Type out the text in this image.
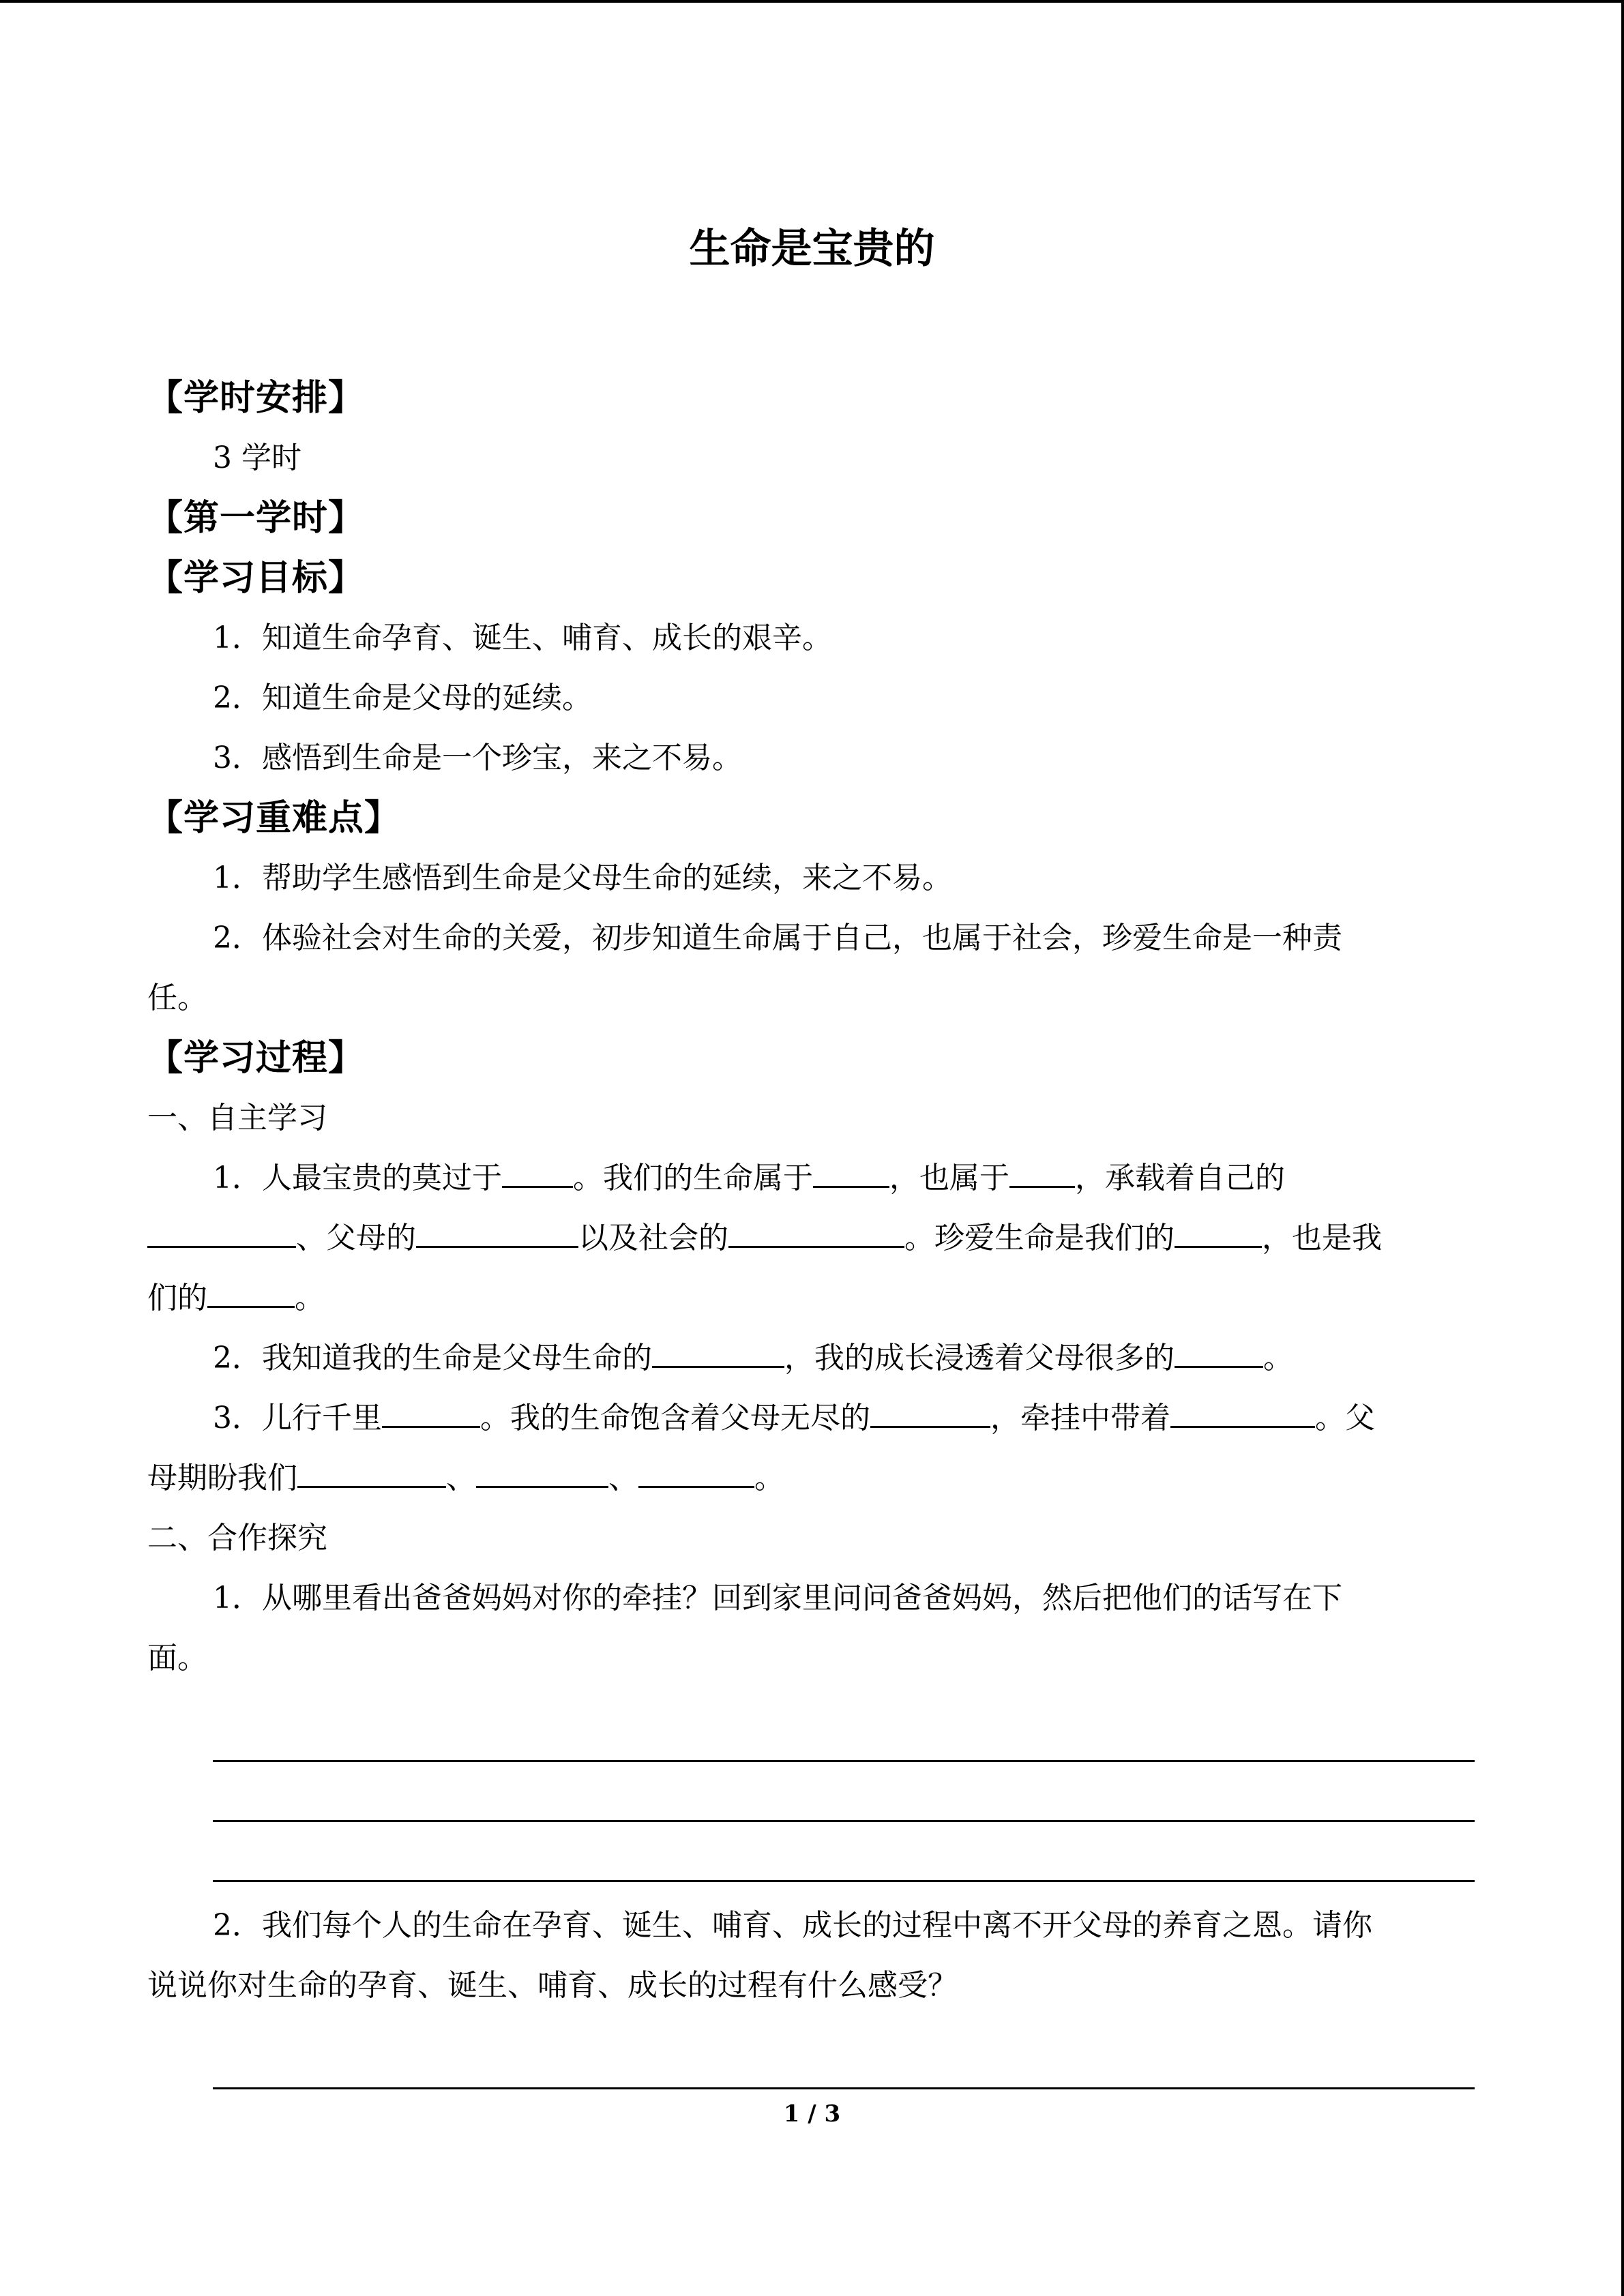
生命是宝贵的
【学时安排】
3 学时
【第一学时】
【学习目标】
1．知道生命孕育、诞生、哺育、成长的艰辛。
2．知道生命是父母的延续。
3．感悟到生命是一个珍宝，来之不易。
【学习重难点】
1．帮助学生感悟到生命是父母生命的延续，来之不易。
2．体验社会对生命的关爱，初步知道生命属于自己，也属于社会，珍爱生命是一种责
任。
【学习过程】
一、自主学习
1．人最宝贵的莫过于 。我们的生命属于	，也属于 ，承载着自己的
、父母的	以及社会的	。珍爱生命是我们的	，也是我
们的	。
2．我知道我的生命是父母生命的	，我的成长浸透着父母很多的	。
3．儿行千里	。我的生命饱含着父母无尽的	，牵挂中带着	。父
母期盼我们	、	、	。
二、合作探究
1．从哪里看出爸爸妈妈对你的牵挂？回到家里问问爸爸妈妈，然后把他们的话写在下
面。
2．我们每个人的生命在孕育、诞生、哺育、成长的过程中离不开父母的养育之恩。请你
说说你对生命的孕育、诞生、哺育、成长的过程有什么感受？
1 / 3
